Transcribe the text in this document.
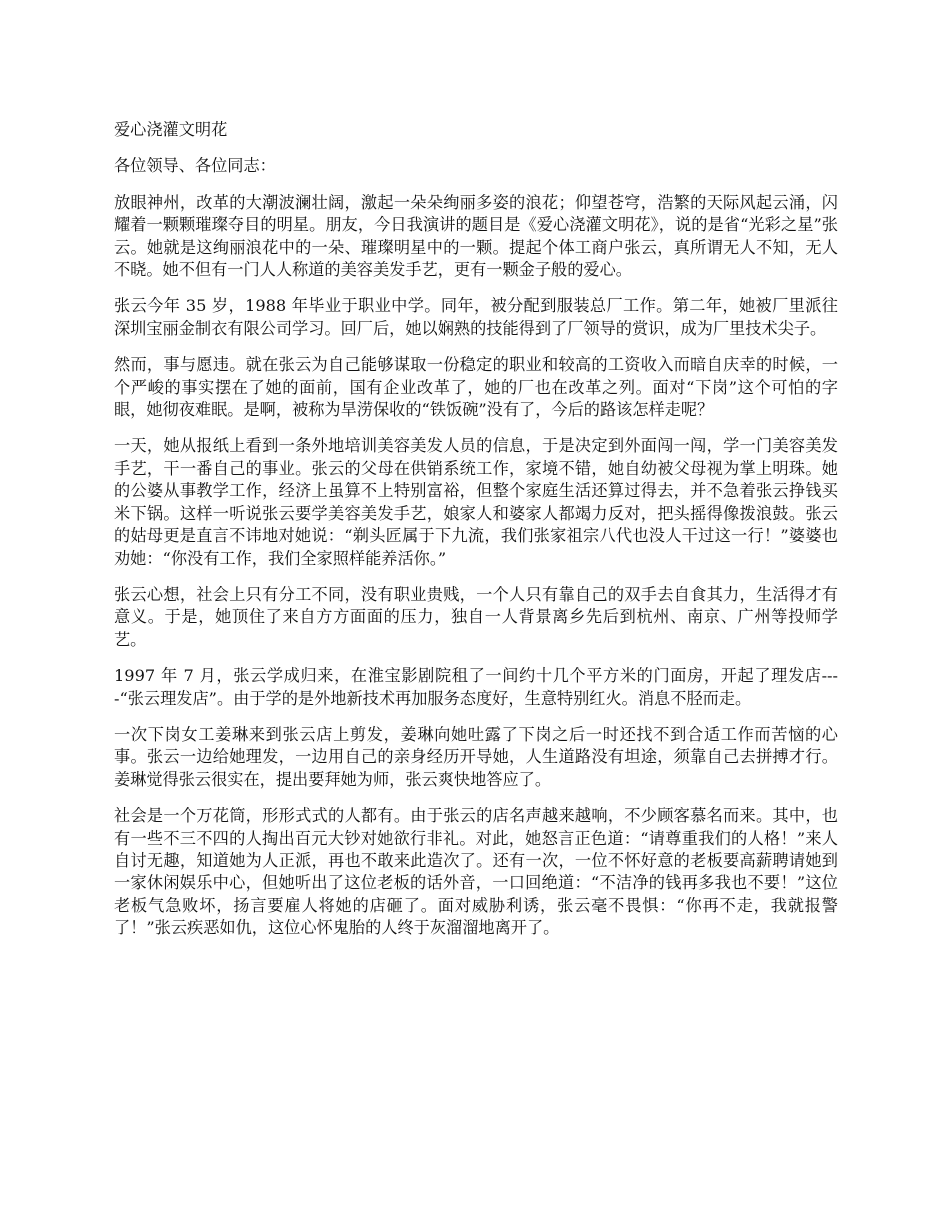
爱心浇灌文明花
各位领导、各位同志：

放眼神州，改革的大潮波澜壮阔，激起一朵朵绚丽多姿的浪花；仰望苍穹，浩繁的天际风起云涌，闪耀着一颗颗璀璨夺目的明星。朋友，今日我演讲的题目是《爱心浇灌文明花》，说的是省“光彩之星”张云。她就是这绚丽浪花中的一朵、璀璨明星中的一颗。提起个体工商户张云，真所谓无人不知，无人不晓。她不但有一门人人称道的美容美发手艺，更有一颗金子般的爱心。

张云今年 35 岁，1988 年毕业于职业中学。同年，被分配到服装总厂工作。第二年，她被厂里派往深圳宝丽金制衣有限公司学习。回厂后，她以娴熟的技能得到了厂领导的赏识，成为厂里技术尖子。

然而，事与愿违。就在张云为自己能够谋取一份稳定的职业和较高的工资收入而暗自庆幸的时候，一个严峻的事实摆在了她的面前，国有企业改革了，她的厂也在改革之列。面对“下岗”这个可怕的字眼，她彻夜难眠。是啊，被称为旱涝保收的“铁饭碗”没有了，今后的路该怎样走呢？

一天，她从报纸上看到一条外地培训美容美发人员的信息，于是决定到外面闯一闯，学一门美容美发手艺，干一番自己的事业。张云的父母在供销系统工作，家境不错，她自幼被父母视为掌上明珠。她的公婆从事教学工作，经济上虽算不上特别富裕，但整个家庭生活还算过得去，并不急着张云挣钱买米下锅。这样一听说张云要学美容美发手艺，娘家人和婆家人都竭力反对，把头摇得像拨浪鼓。张云的姑母更是直言不讳地对她说：“剃头匠属于下九流，我们张家祖宗八代也没人干过这一行！”婆婆也劝她：“你没有工作，我们全家照样能养活你。”

张云心想，社会上只有分工不同，没有职业贵贱，一个人只有靠自己的双手去自食其力，生活得才有意义。于是，她顶住了来自方方面面的压力，独自一人背景离乡先后到杭州、南京、广州等投师学艺。

1997 年 7 月，张云学成归来，在淮宝影剧院租了一间约十几个平方米的门面房，开起了理发店----“张云理发店”。由于学的是外地新技术再加服务态度好，生意特别红火。消息不胫而走。

一次下岗女工姜琳来到张云店上剪发，姜琳向她吐露了下岗之后一时还找不到合适工作而苦恼的心事。张云一边给她理发，一边用自己的亲身经历开导她，人生道路没有坦途，须靠自己去拼搏才行。姜琳觉得张云很实在，提出要拜她为师，张云爽快地答应了。

社会是一个万花筒，形形式式的人都有。由于张云的店名声越来越响，不少顾客慕名而来。其中，也有一些不三不四的人掏出百元大钞对她欲行非礼。对此，她怒言正色道：“请尊重我们的人格！”来人自讨无趣，知道她为人正派，再也不敢来此造次了。还有一次，一位不怀好意的老板要高薪聘请她到一家休闲娱乐中心，但她听出了这位老板的话外音，一口回绝道：“不洁净的钱再多我也不要！”这位老板气急败坏，扬言要雇人将她的店砸了。面对威胁利诱，张云毫不畏惧：“你再不走，我就报警了！”张云疾恶如仇，这位心怀鬼胎的人终于灰溜溜地离开了。
